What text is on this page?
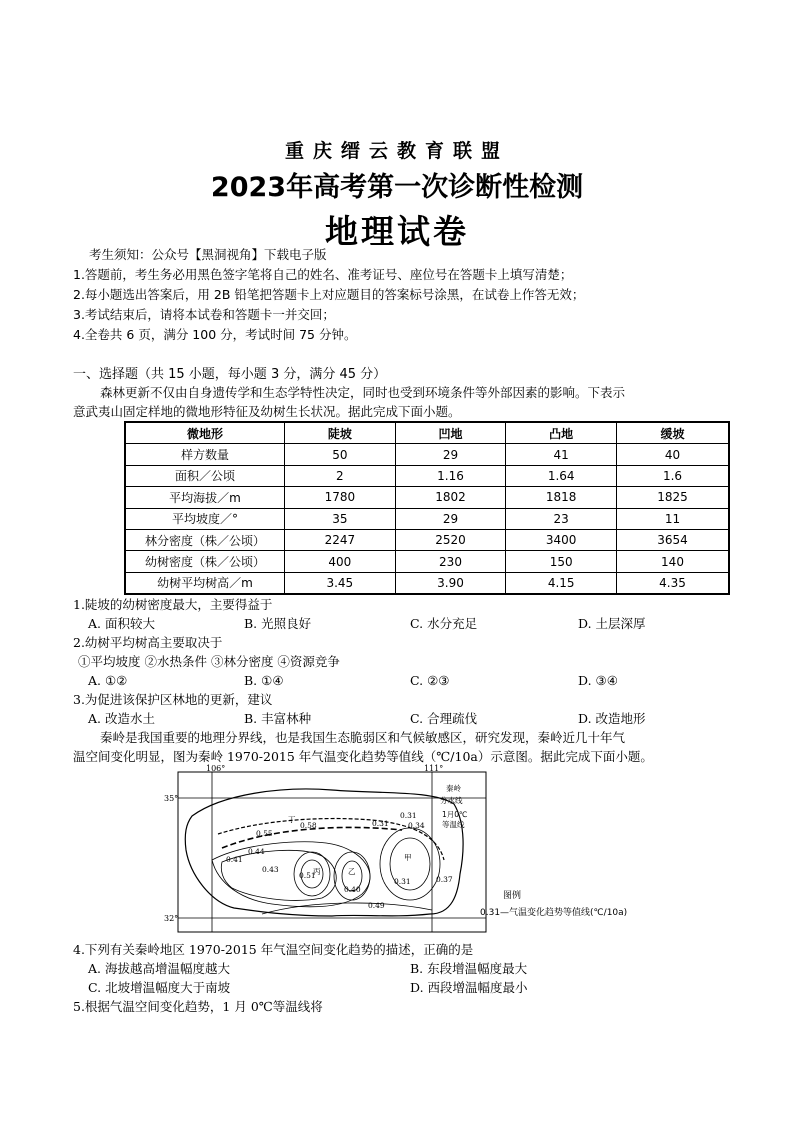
重庆缙云教育联盟
2023年高考第一次诊断性检测
地理试卷
考生须知：公众号【黑洞视角】下载电子版
1.答题前，考生务必用黑色签字笔将自己的姓名、准考证号、座位号在答题卡上填写清楚；
2.每小题选出答案后，用 2B 铅笔把答题卡上对应题目的答案标号涂黑，在试卷上作答无效；
3.考试结束后，请将本试卷和答题卡一并交回；
4.全卷共 6 页，满分 100 分，考试时间 75 分钟。
一、选择题（共 15 小题，每小题 3 分，满分 45 分）
森林更新不仅由自身遗传学和生态学特性决定，同时也受到环境条件等外部因素的影响。下表示
意武夷山固定样地的微地形特征及幼树生长状况。据此完成下面小题。
微地形	陡坡	凹地	凸地	缓坡
样方数量	50	29	41	40
面积／公顷	2	1.16	1.64	1.6
平均海拔／m	1780	1802	1818	1825
平均坡度／°	35	29	23	11
林分密度（株／公顷）	2247	2520	3400	3654
幼树密度（株／公顷）	400	230	150	140
幼树平均树高／m	3.45	3.90	4.15	4.35
1.陡坡的幼树密度最大，主要得益于
A. 面积较大	B. 光照良好	C. 水分充足	D. 土层深厚
2.幼树平均树高主要取决于
①平均坡度 ②水热条件 ③林分密度 ④资源竞争
A. ①②	B. ①④	C. ②③	D. ③④
3.为促进该保护区林地的更新，建议
A. 改造水土	B. 丰富林种	C. 合理疏伐	D. 改造地形
秦岭是我国重要的地理分界线，也是我国生态脆弱区和气候敏感区，研究发现，秦岭近几十年气
温空间变化明显，图为秦岭 1970-2015 年气温变化趋势等值线（℃/10a）示意图。据此完成下面小题。
106°	111°
35°
32°
0.58
0.55
0.44
0.41
0.43
0.51
丁
丙	乙
甲
0.40
0.31	0.37
0.34
0.31
0.31
0.49
秦岭
分水线
1月0℃
等温线
图例
0.31—气温变化趋势等值线(℃/10a)
4.下列有关秦岭地区 1970-2015 年气温空间变化趋势的描述，正确的是
A. 海拔越高增温幅度越大	B. 东段增温幅度最大
C. 北坡增温幅度大于南坡	D. 西段增温幅度最小
5.根据气温空间变化趋势，1 月 0℃等温线将
